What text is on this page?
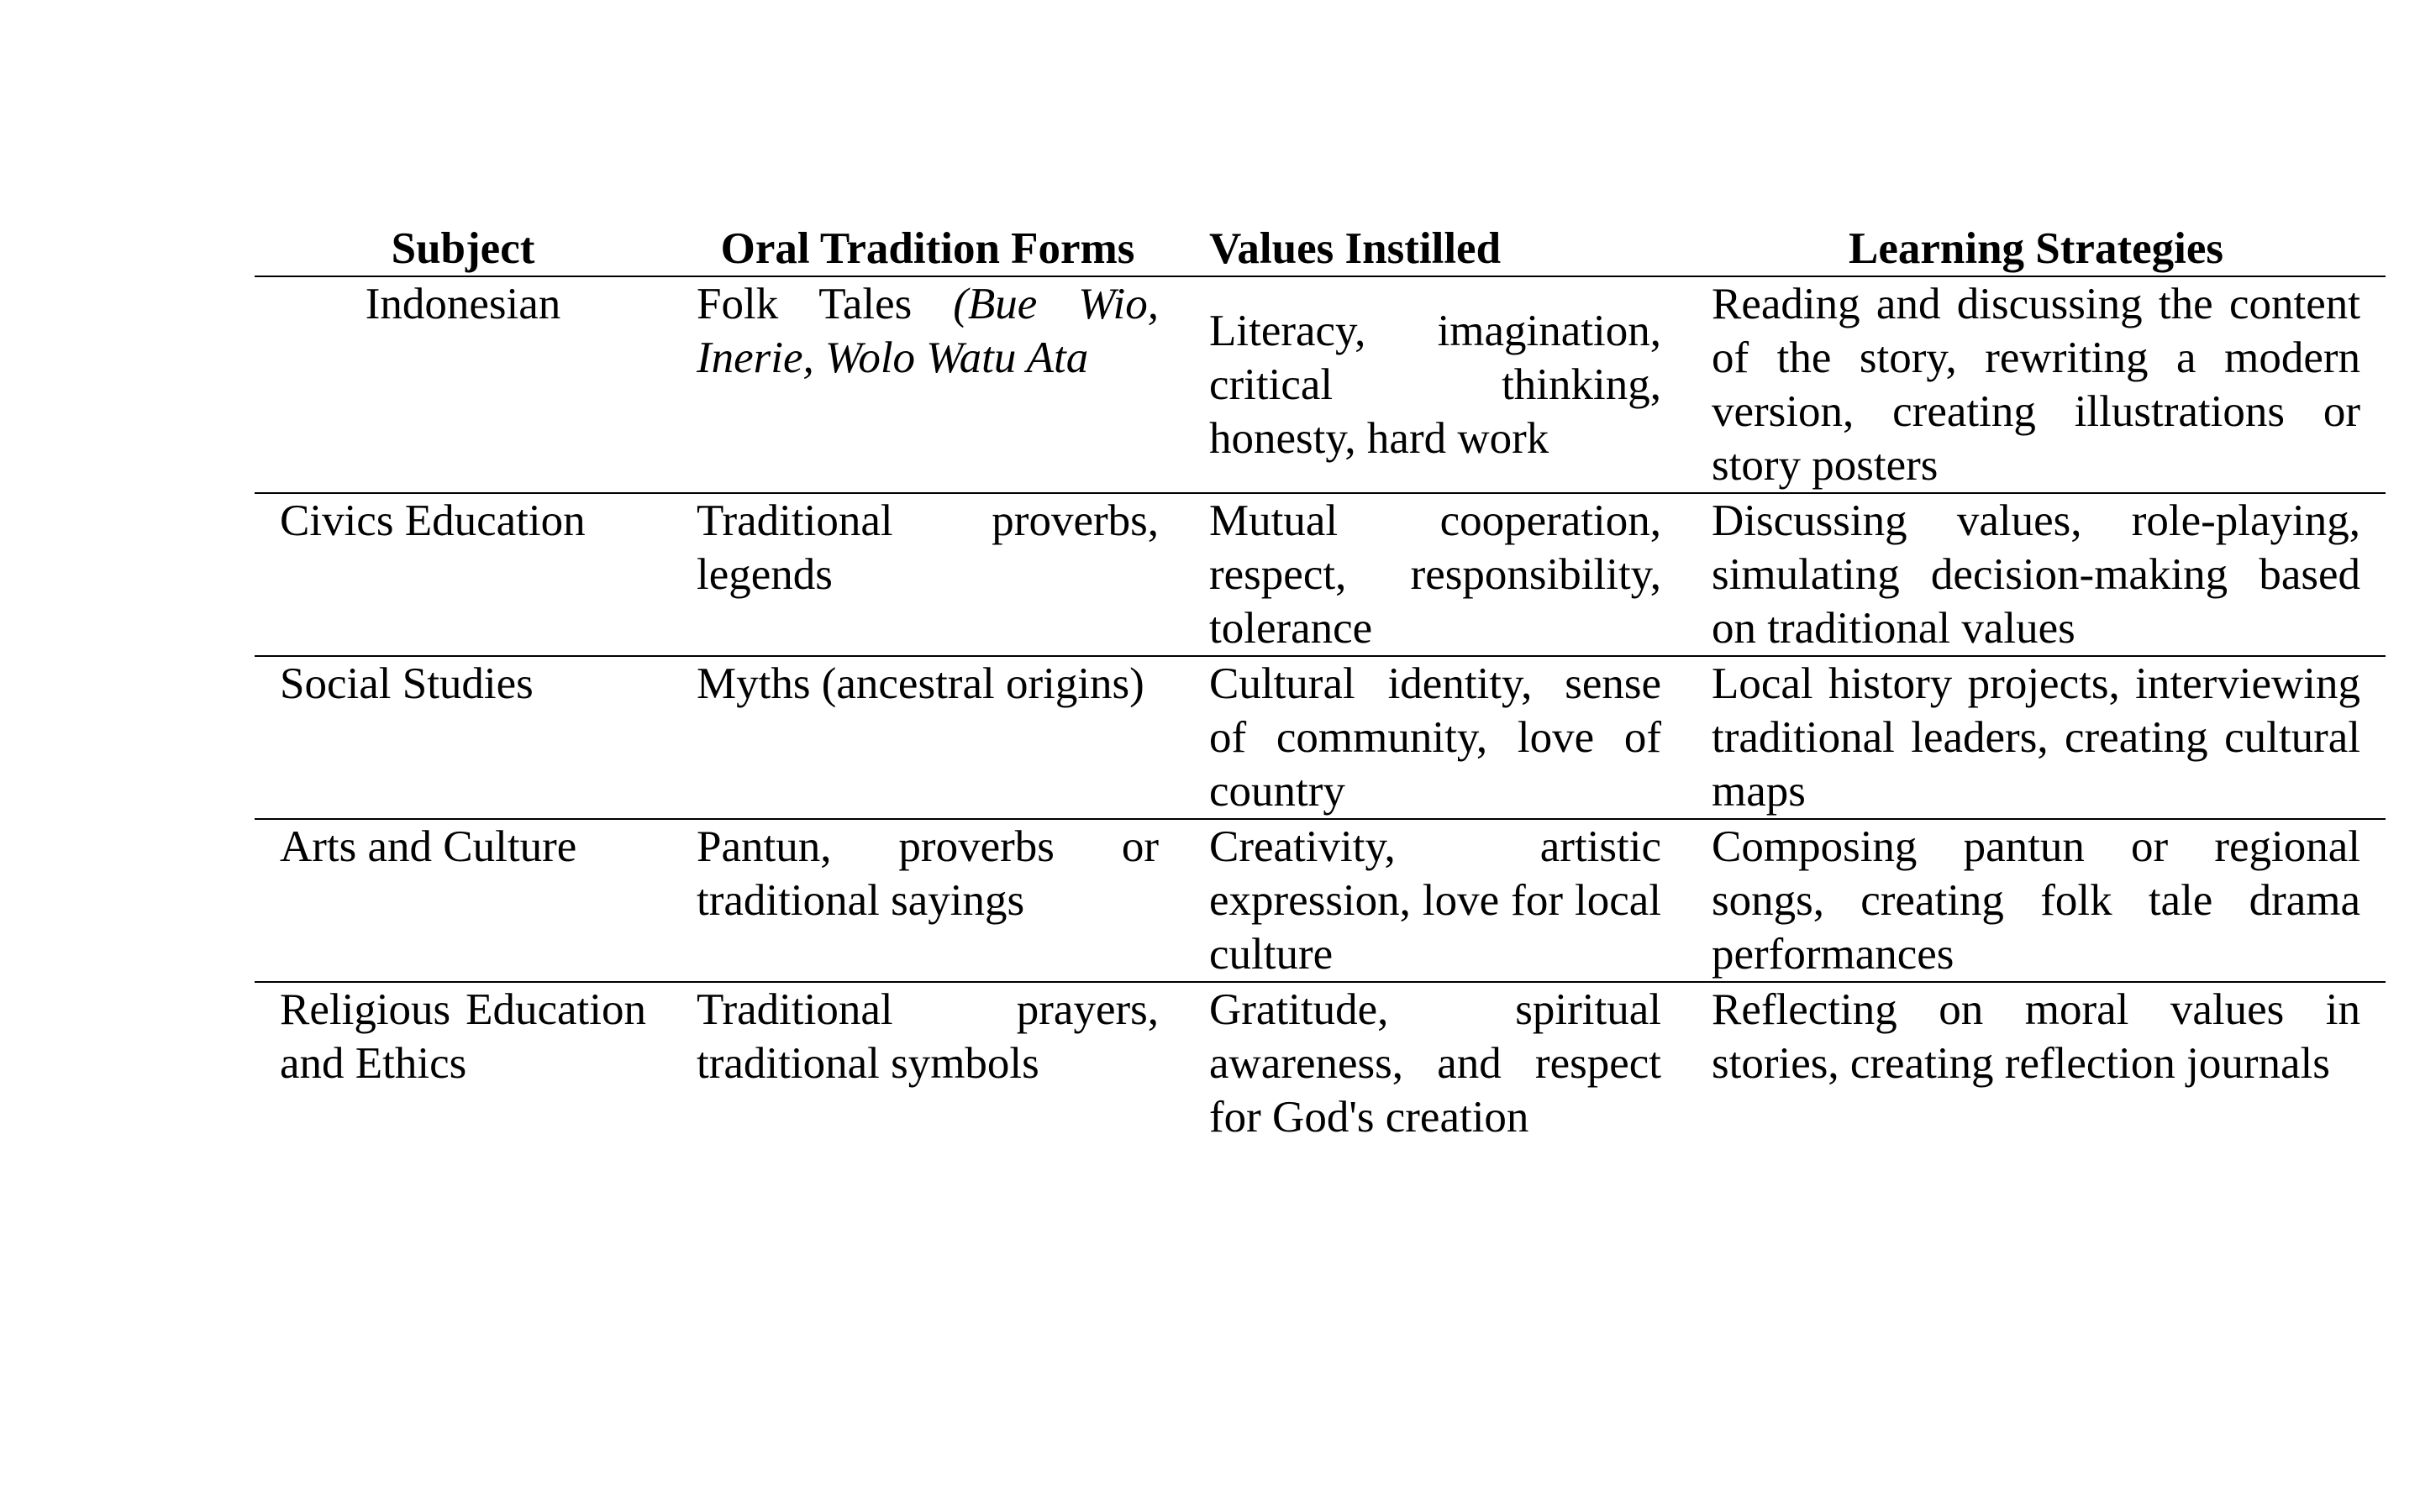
Subject	Oral Tradition Forms	Values Instilled	Learning Strategies
Indonesian	Folk Tales (Bue Wio, Inerie, Wolo Watu Ata	Literacy, imagination, critical thinking, honesty, hard work	Reading and discussing the content of the story, rewriting a modern version, creating illustrations or story posters
Civics Education	Traditional proverbs, legends	Mutual cooperation, respect, responsibility, tolerance	Discussing values, role-playing, simulating decision-making based on traditional values
Social Studies	Myths (ancestral origins)	Cultural identity, sense of community, love of country	Local history projects, interviewing traditional leaders, creating cultural maps
Arts and Culture	Pantun, proverbs or traditional sayings	Creativity, artistic expression, love for local culture	Composing pantun or regional songs, creating folk tale drama performances
Religious Education and Ethics	Traditional prayers, traditional symbols	Gratitude, spiritual awareness, and respect for God's creation	Reflecting on moral values in stories, creating reflection journals
